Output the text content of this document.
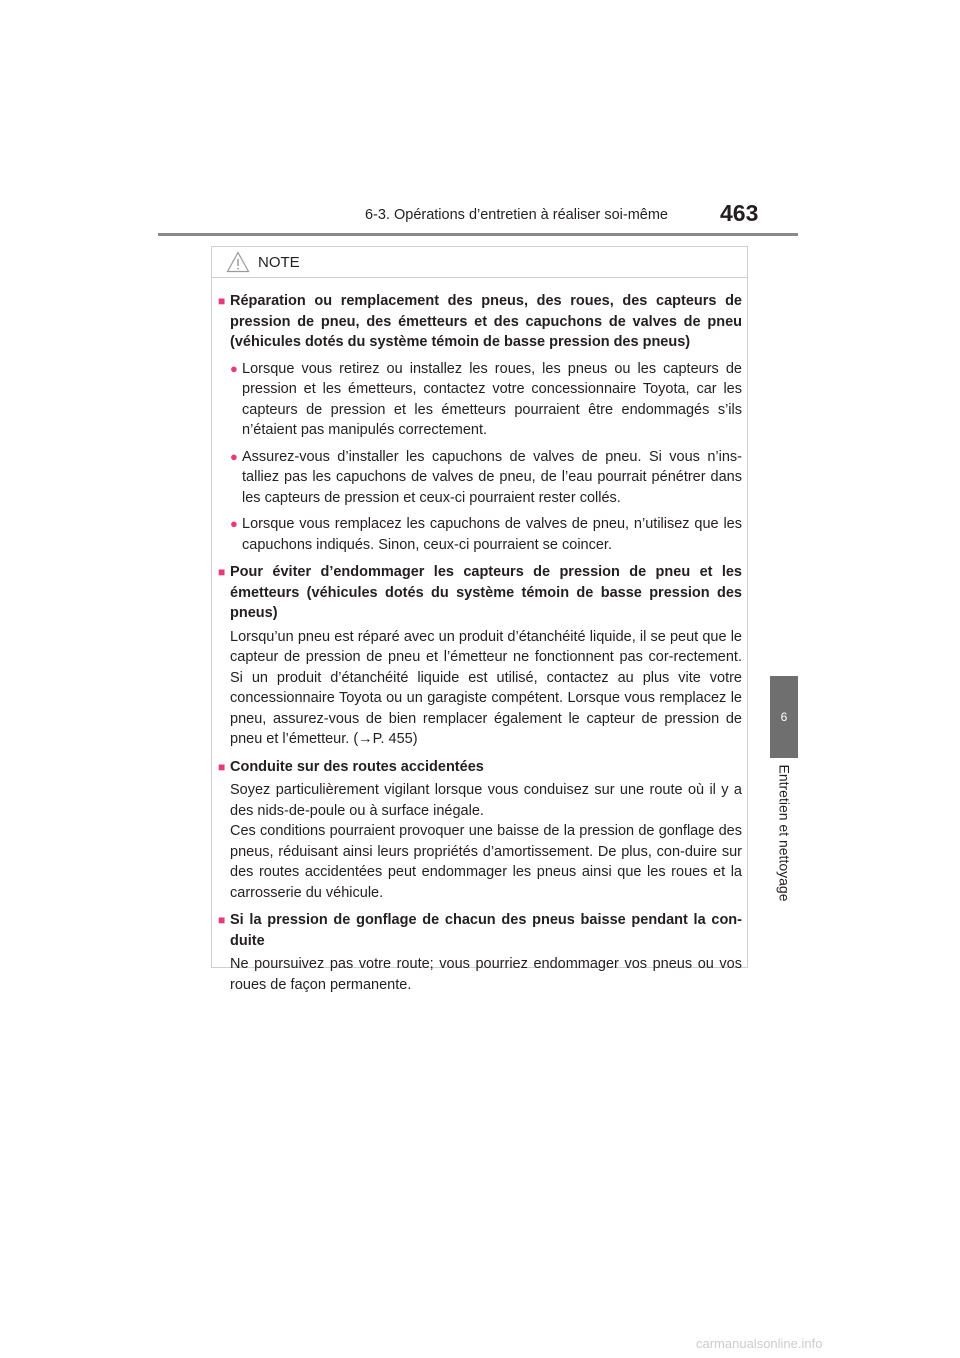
6-3. Opérations d’entretien à réaliser soi-même 463
6
Entretien et nettoyage
NOTE
■ Réparation ou remplacement des pneus, des roues, des capteurs de pression de pneu, des émetteurs et des capuchons de valves de pneu (véhicules dotés du système témoin de basse pression des pneus)
● Lorsque vous retirez ou installez les roues, les pneus ou les capteurs de pression et les émetteurs, contactez votre concessionnaire Toyota, car les capteurs de pression et les émetteurs pourraient être endommagés s’ils n’étaient pas manipulés correctement.
● Assurez-vous d’installer les capuchons de valves de pneu. Si vous n’ins-talliez pas les capuchons de valves de pneu, de l’eau pourrait pénétrer dans les capteurs de pression et ceux-ci pourraient rester collés.
● Lorsque vous remplacez les capuchons de valves de pneu, n’utilisez que les capuchons indiqués. Sinon, ceux-ci pourraient se coincer.
■ Pour éviter d’endommager les capteurs de pression de pneu et les émetteurs (véhicules dotés du système témoin de basse pression des pneus)
Lorsqu’un pneu est réparé avec un produit d’étanchéité liquide, il se peut que le capteur de pression de pneu et l’émetteur ne fonctionnent pas cor-rectement. Si un produit d’étanchéité liquide est utilisé, contactez au plus vite votre concessionnaire Toyota ou un garagiste compétent. Lorsque vous remplacez le pneu, assurez-vous de bien remplacer également le capteur de pression de pneu et l’émetteur. (→P. 455)
■ Conduite sur des routes accidentées
Soyez particulièrement vigilant lorsque vous conduisez sur une route où il y a des nids-de-poule ou à surface inégale.
Ces conditions pourraient provoquer une baisse de la pression de gonflage des pneus, réduisant ainsi leurs propriétés d’amortissement. De plus, con-duire sur des routes accidentées peut endommager les pneus ainsi que les roues et la carrosserie du véhicule.
■ Si la pression de gonflage de chacun des pneus baisse pendant la con-duite
Ne poursuivez pas votre route; vous pourriez endommager vos pneus ou vos roues de façon permanente.
carmanualsonline.info
